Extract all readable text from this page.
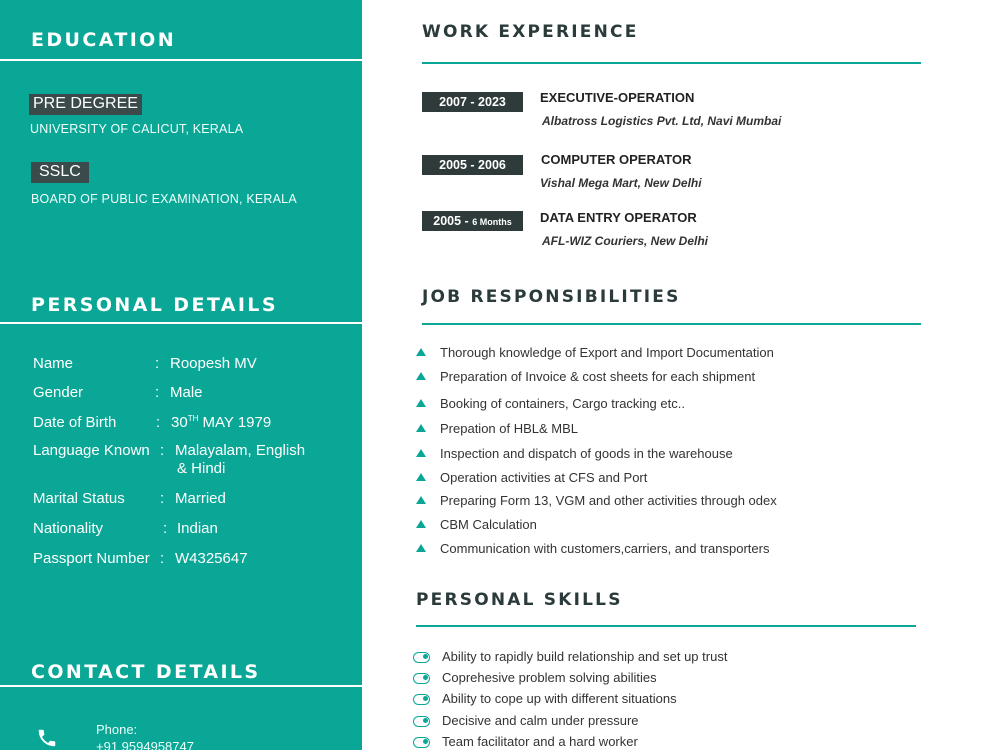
EDUCATION
PRE DEGREE
UNIVERSITY OF CALICUT, KERALA
SSLC
BOARD OF PUBLIC EXAMINATION, KERALA
PERSONAL DETAILS
Name	: Roopesh MV
Gender	: Male
Date of Birth	: 30TH MAY 1979
Language Known : Malayalam, English
& Hindi
Marital Status : Married
Nationality	: Indian
Passport Number : W4325647
CONTACT DETAILS
Phone:
+91 9594958747
WORK EXPERIENCE
2007 - 2023	EXECUTIVE-OPERATION
Albatross Logistics Pvt. Ltd, Navi Mumbai
2005 - 2006	COMPUTER OPERATOR
Vishal Mega Mart, New Delhi
2005 - 6 Months	DATA ENTRY OPERATOR
AFL-WIZ Couriers, New Delhi
JOB RESPONSIBILITIES
Thorough knowledge of Export and Import Documentation
Preparation of Invoice & cost sheets for each shipment
Booking of containers, Cargo tracking etc..
Prepation of HBL& MBL
Inspection and dispatch of goods in the warehouse
Operation activities at CFS and Port
Preparing Form 13, VGM and other activities through odex
CBM Calculation
Communication with customers,carriers, and transporters
PERSONAL SKILLS
Ability to rapidly build relationship and set up trust
Coprehesive problem solving abilities
Ability to cope up with different situations
Decisive and calm under pressure
Team facilitator and a hard worker
